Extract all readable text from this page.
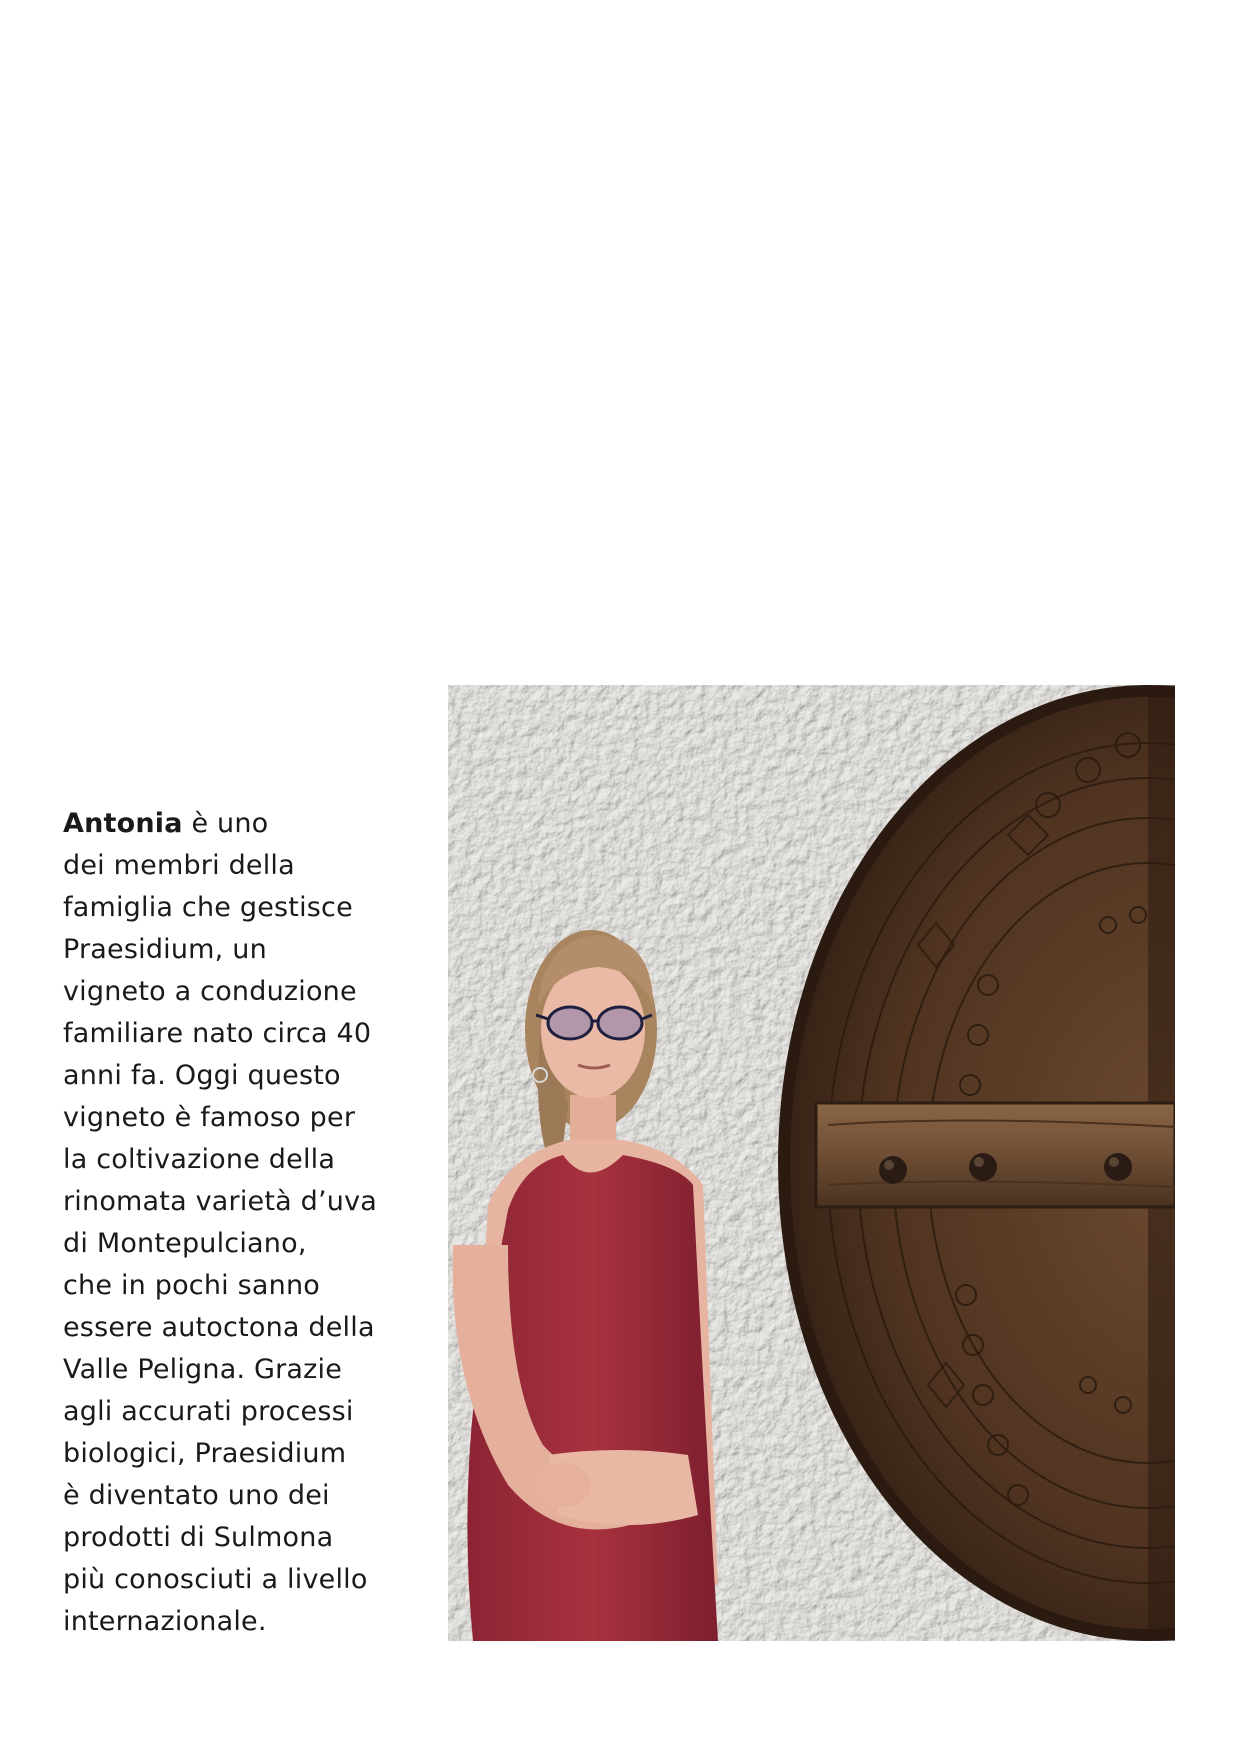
Antonia è uno
dei membri della
famiglia che gestisce
Praesidium, un
vigneto a conduzione
familiare nato circa 40
anni fa. Oggi questo
vigneto è famoso per
la coltivazione della
rinomata varietà d’uva
di Montepulciano,
che in pochi sanno
essere autoctona della
Valle Peligna. Grazie
agli accurati processi
biologici, Praesidium
è diventato uno dei
prodotti di Sulmona
più conosciuti a livello
internazionale.
